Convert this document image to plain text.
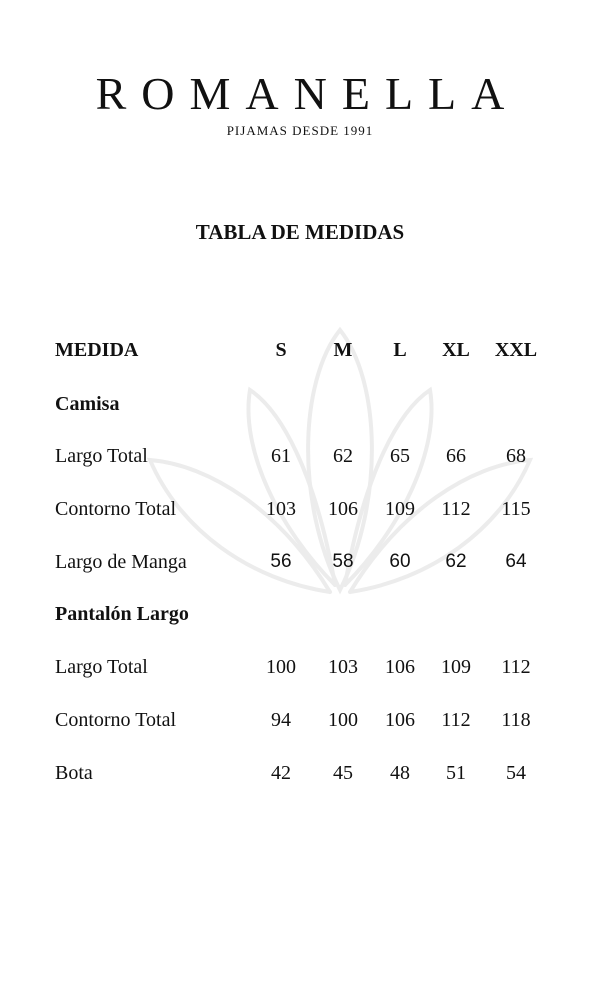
ROMANELLA
PIJAMAS DESDE 1991
TABLA DE MEDIDAS
MEDIDA	S	M	L	XL	XXL
Camisa
Largo Total	61	62	65	66	68
Contorno Total	103	106	109	112	115
Largo de Manga	56	58	60	62	64
Pantalón Largo
Largo Total	100	103	106	109	112
Contorno Total	94	100	106	112	118
Bota	42	45	48	51	54
